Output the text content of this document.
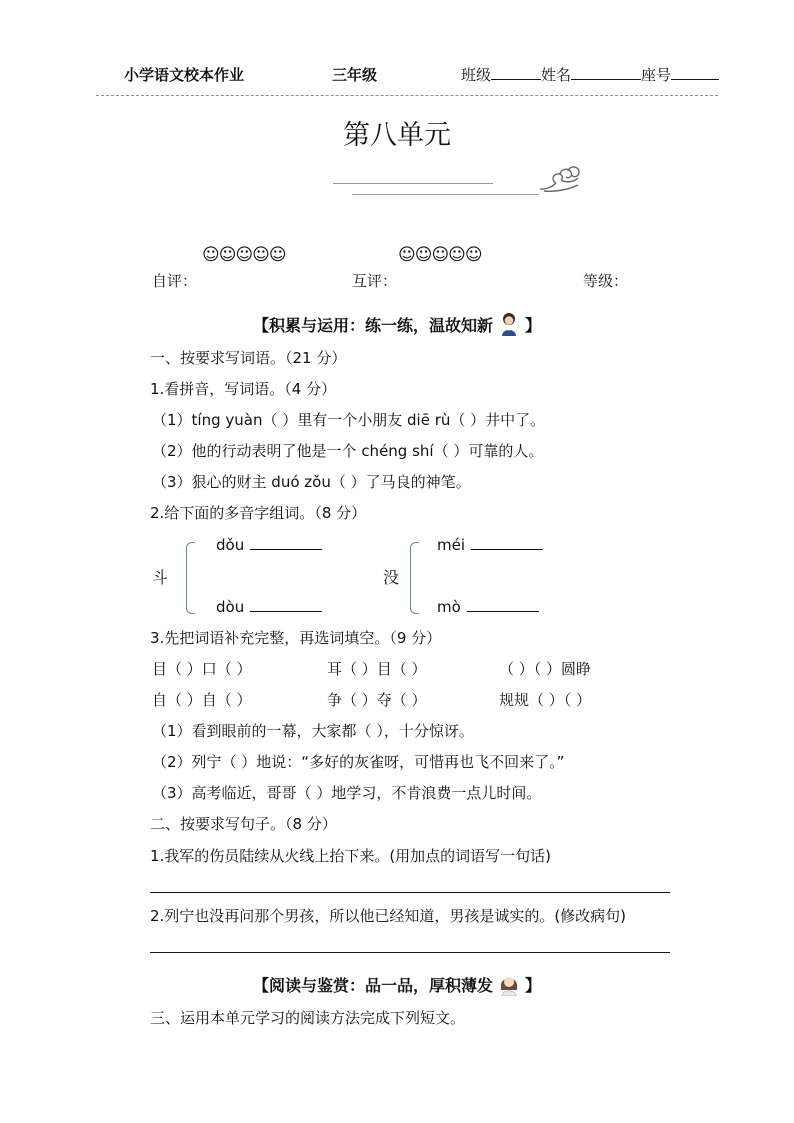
小学语文校本作业	三年级	班级	姓名	座号
第八单元
☺☺☺☺☺	☺☺☺☺☺
自评：	互评：	等级：
【积累与运用：练一练，温故知新 】
一、按要求写词语。（21 分）
1.看拼音，写词语。（4 分）
（1）tíng yuàn（ ）里有一个小朋友 diē rù（ ）井中了。
（2）他的行动表明了他是一个 chéng shí（ ）可靠的人。
（3）狠心的财主 duó zǒu（ ）了马良的神笔。
2.给下面的多音字组词。（8 分）
斗
dǒu
dòu
没
méi
mò
3.先把词语补充完整，再选词填空。（9 分）
目（ ）口（ ）	耳（ ）目（ ）	（ ）（ ）圆睁
自（ ）自（ ）	争（ ）夺（ ）	规规（ ）（ ）
（1）看到眼前的一幕，大家都（ ），十分惊讶。
（2）列宁（ ）地说：“多好的灰雀呀，可惜再也飞不回来了。”
（3）高考临近，哥哥（ ）地学习，不肯浪费一点儿时间。
二、按要求写句子。（8 分）
1.我军的伤员陆续从火线上抬下来。(用加点的词语写一句话)
2.列宁也没再问那个男孩，所以他已经知道，男孩是诚实的。(修改病句)
【阅读与鉴赏：品一品，厚积薄发 】
三、运用本单元学习的阅读方法完成下列短文。
